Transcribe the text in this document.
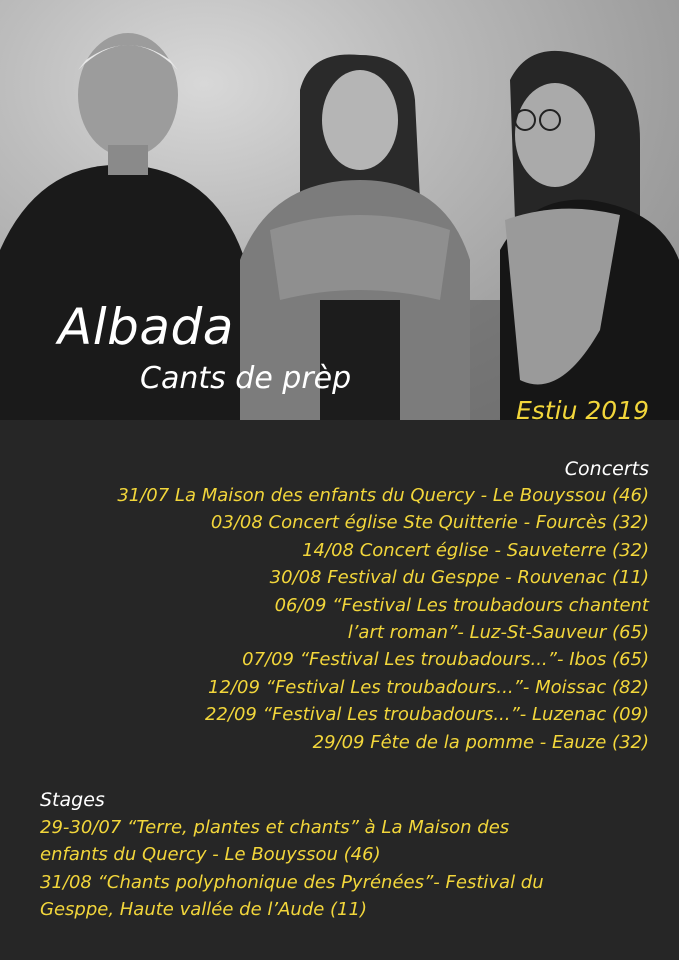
Albada
Cants de prèp
Estiu 2019
Concerts
31/07 La Maison des enfants du Quercy - Le Bouyssou (46)
03/08 Concert église Ste Quitterie - Fourcès (32)
14/08 Concert église - Sauveterre (32)
30/08 Festival du Gesppe - Rouvenac (11)
06/09 “Festival Les troubadours chantent
l’art roman”- Luz-St-Sauveur (65)
07/09 “Festival Les troubadours...”- Ibos (65)
12/09 “Festival Les troubadours...”- Moissac (82)
22/09 “Festival Les troubadours...”- Luzenac (09)
29/09 Fête de la pomme - Eauze (32)
Stages
29-30/07 “Terre, plantes et chants” à La Maison des
enfants du Quercy - Le Bouyssou (46)
31/08 “Chants polyphonique des Pyrénées”- Festival du
Gesppe, Haute vallée de l’Aude (11)
